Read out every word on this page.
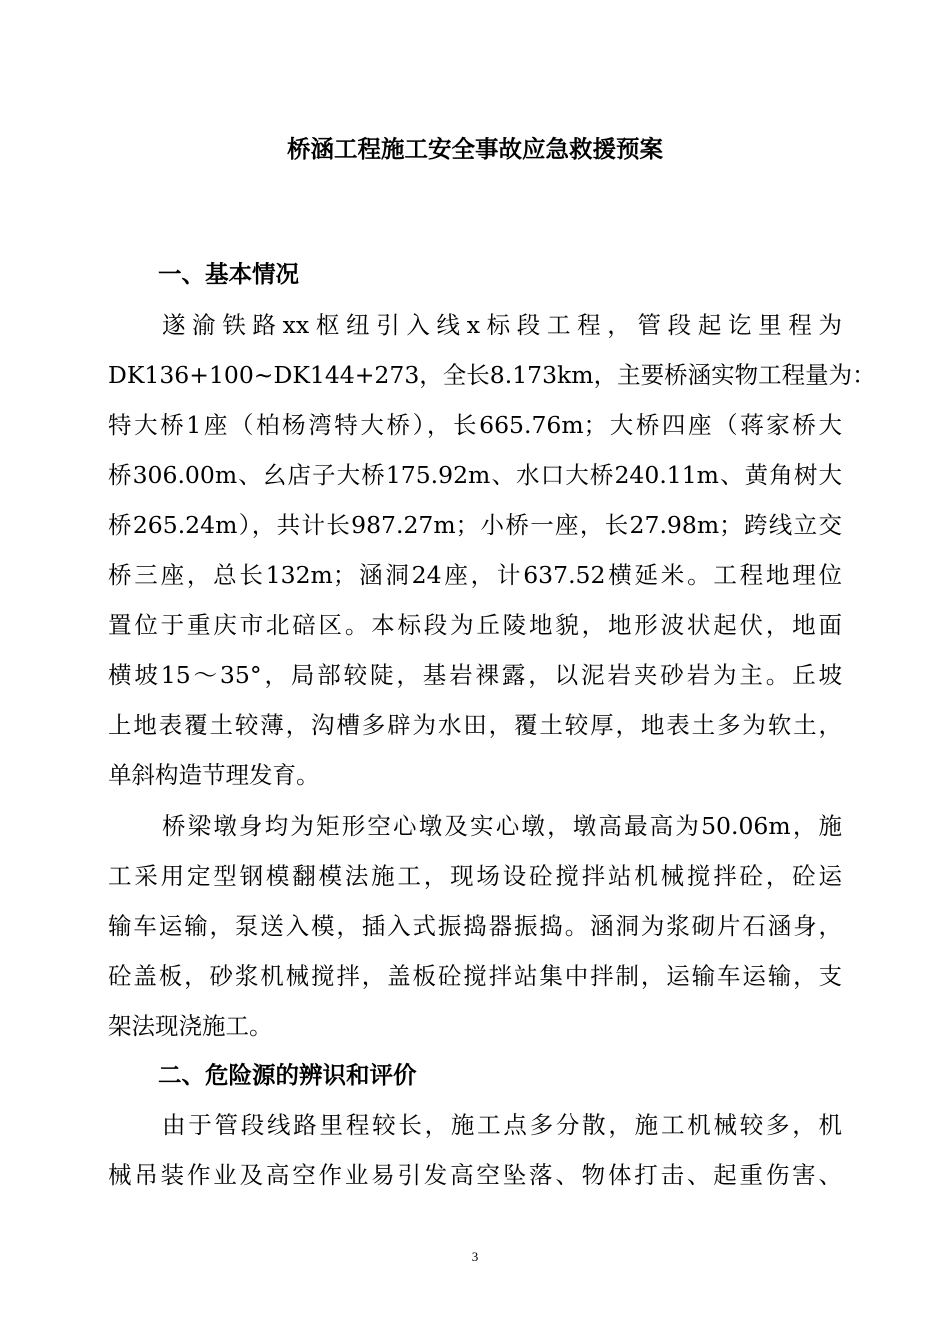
桥涵工程施工安全事故应急救援预案
一、基本情况
遂渝铁路xx枢纽引入线x标段工程，管段起讫里程为
DK136+100~DK144+273，全长8.173km，主要桥涵实物工程量为：
特大桥1座（柏杨湾特大桥），长665.76m；大桥四座（蒋家桥大
桥306.00m、幺店子大桥175.92m、水口大桥240.11m、黄角树大
桥265.24m），共计长987.27m；小桥一座，长27.98m；跨线立交
桥三座，总长132m；涵洞24座，计637.52横延米。工程地理位
置位于重庆市北碚区。本标段为丘陵地貌，地形波状起伏，地面
横坡15～35°，局部较陡，基岩裸露，以泥岩夹砂岩为主。丘坡
上地表覆土较薄，沟槽多辟为水田，覆土较厚，地表土多为软土，
单斜构造节理发育。
桥梁墩身均为矩形空心墩及实心墩，墩高最高为50.06m，施
工采用定型钢模翻模法施工，现场设砼搅拌站机械搅拌砼，砼运
输车运输，泵送入模，插入式振捣器振捣。涵洞为浆砌片石涵身，
砼盖板，砂浆机械搅拌，盖板砼搅拌站集中拌制，运输车运输，支
架法现浇施工。
二、危险源的辨识和评价
由于管段线路里程较长，施工点多分散，施工机械较多，机
械吊装作业及高空作业易引发高空坠落、物体打击、起重伤害、
3
